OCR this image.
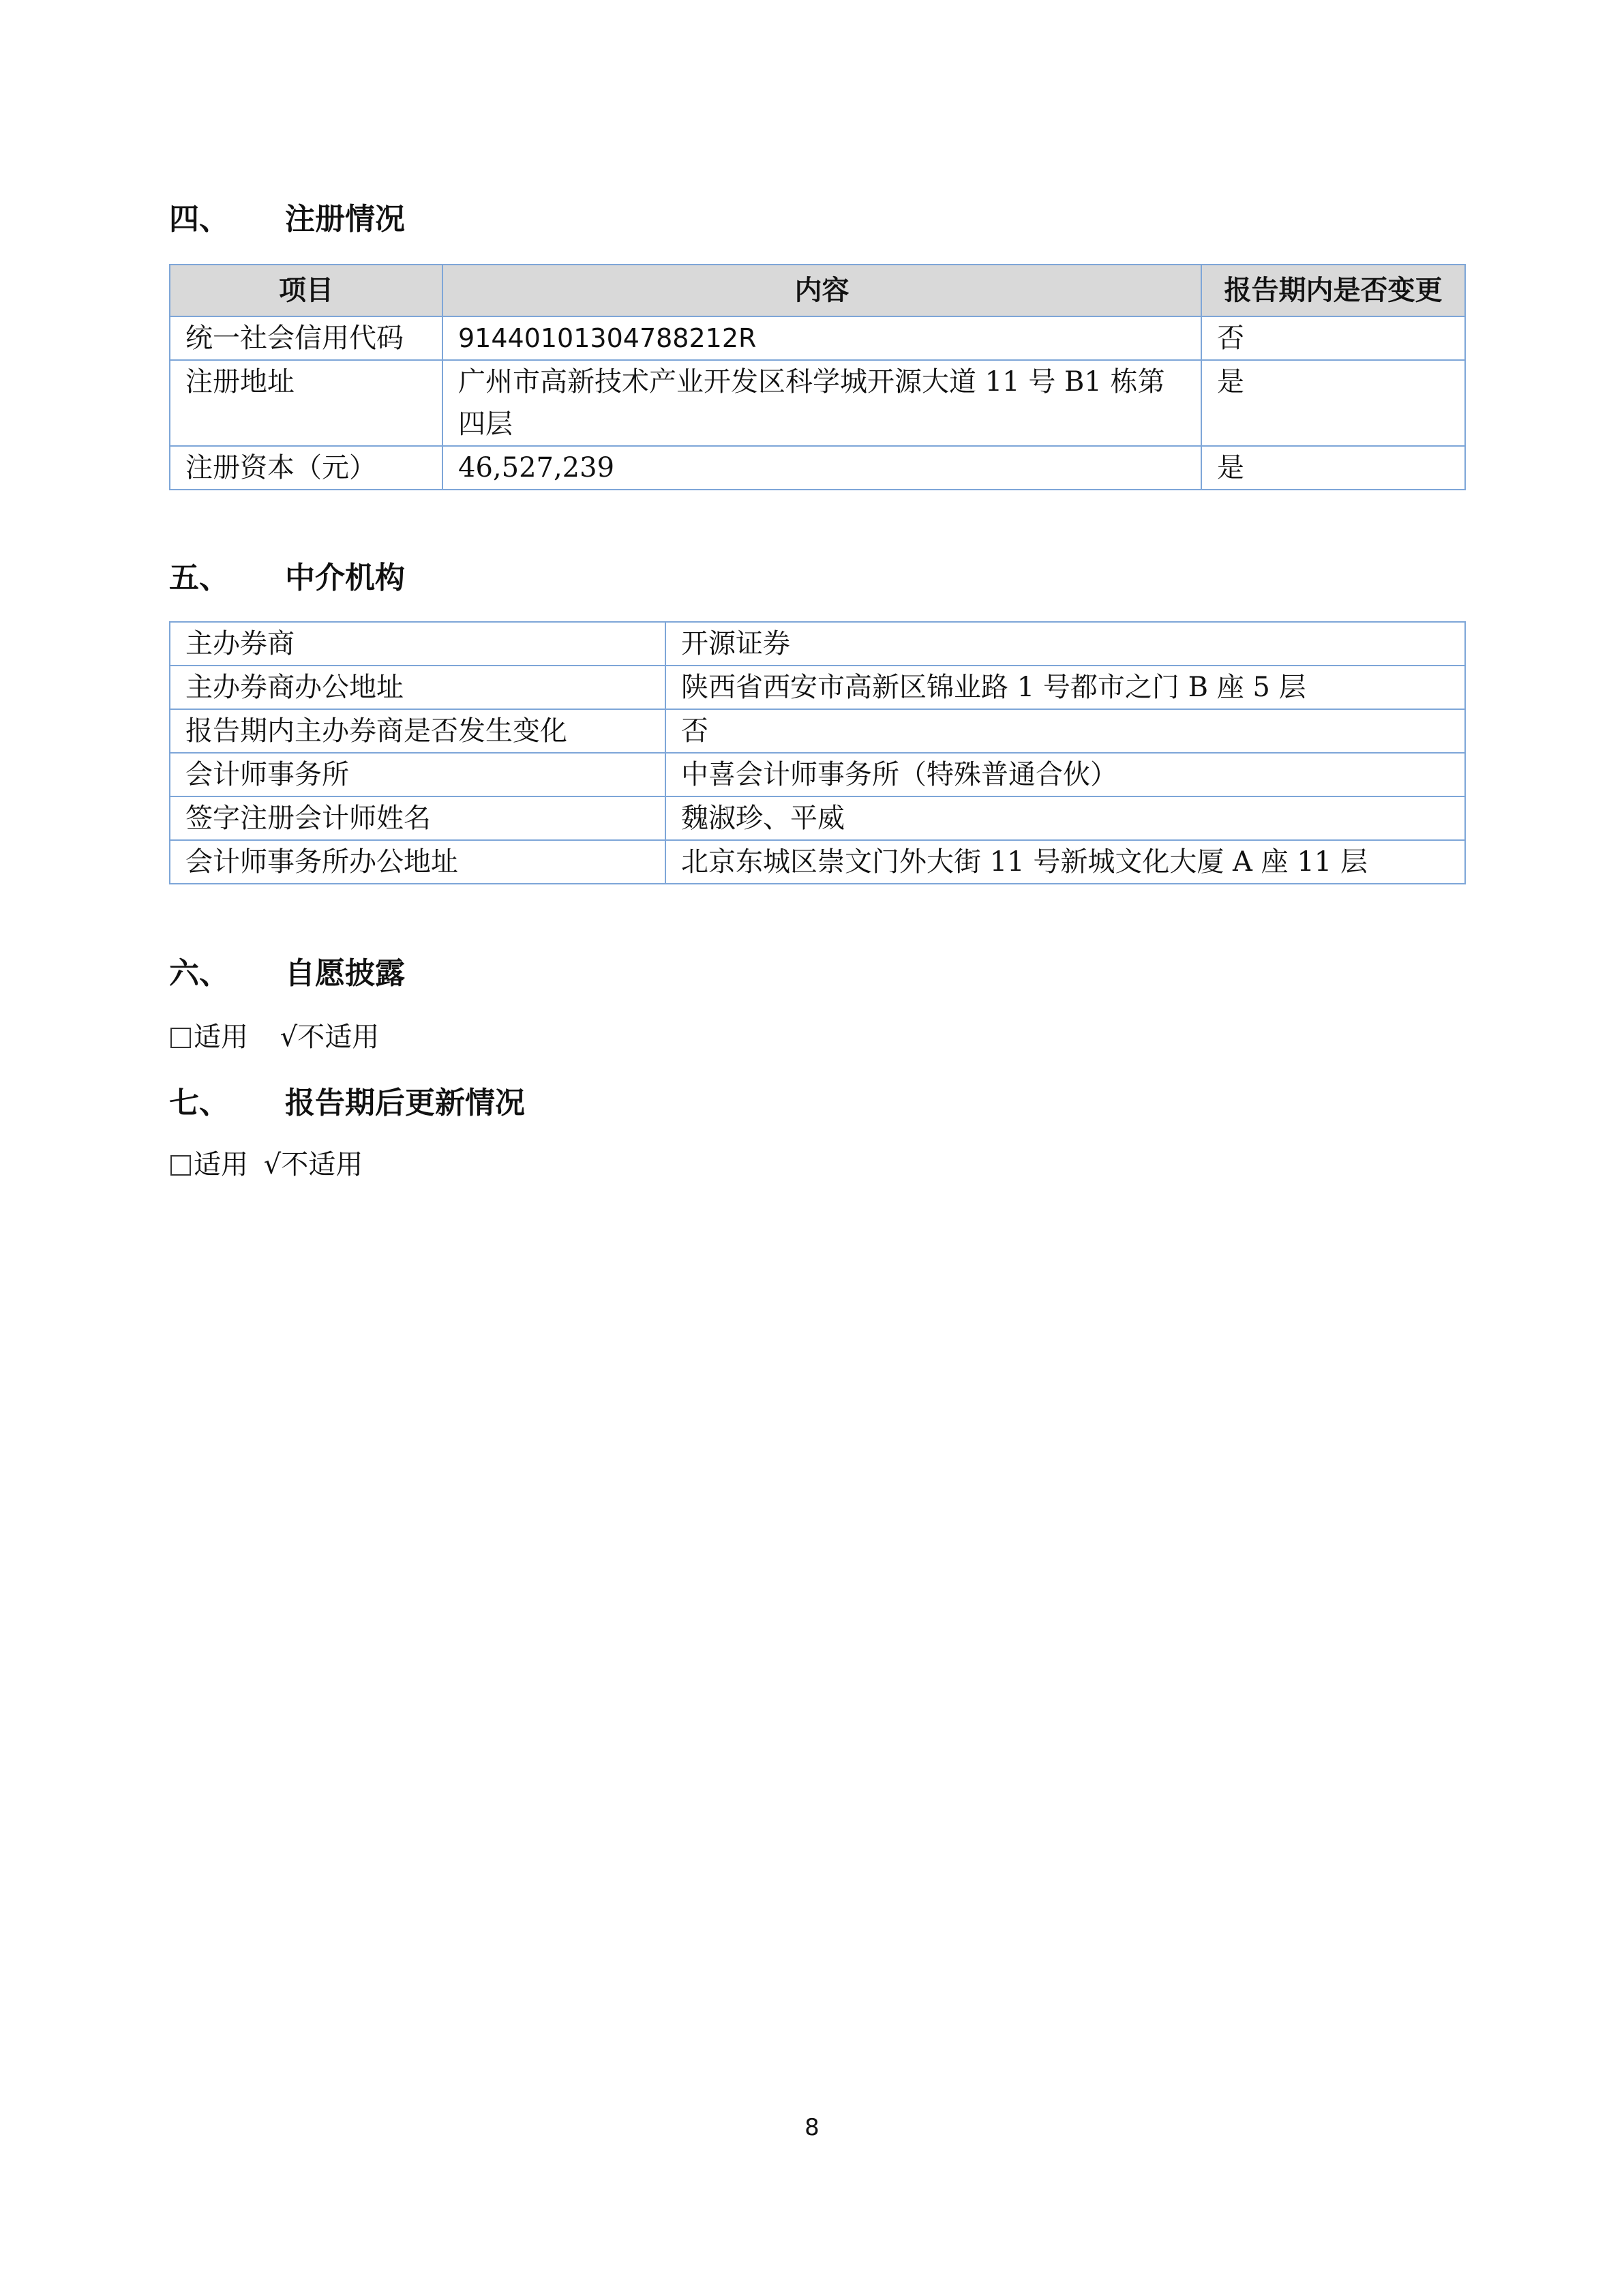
四、 注册情况
项目	内容	报告期内是否变更
统一社会信用代码	91440101304788212R	否
注册地址	广州市高新技术产业开发区科学城开源大道 11 号 B1 栋第四层	是
注册资本（元）	46,527,239	是
五、 中介机构
主办券商	开源证券
主办券商办公地址	陕西省西安市高新区锦业路 1 号都市之门 B 座 5 层
报告期内主办券商是否发生变化	否
会计师事务所	中喜会计师事务所（特殊普通合伙）
签字注册会计师姓名	魏淑珍、平威
会计师事务所办公地址	北京东城区崇文门外大街 11 号新城文化大厦 A 座 11 层
六、 自愿披露
适用 √不适用
七、 报告期后更新情况
适用 √不适用
8
